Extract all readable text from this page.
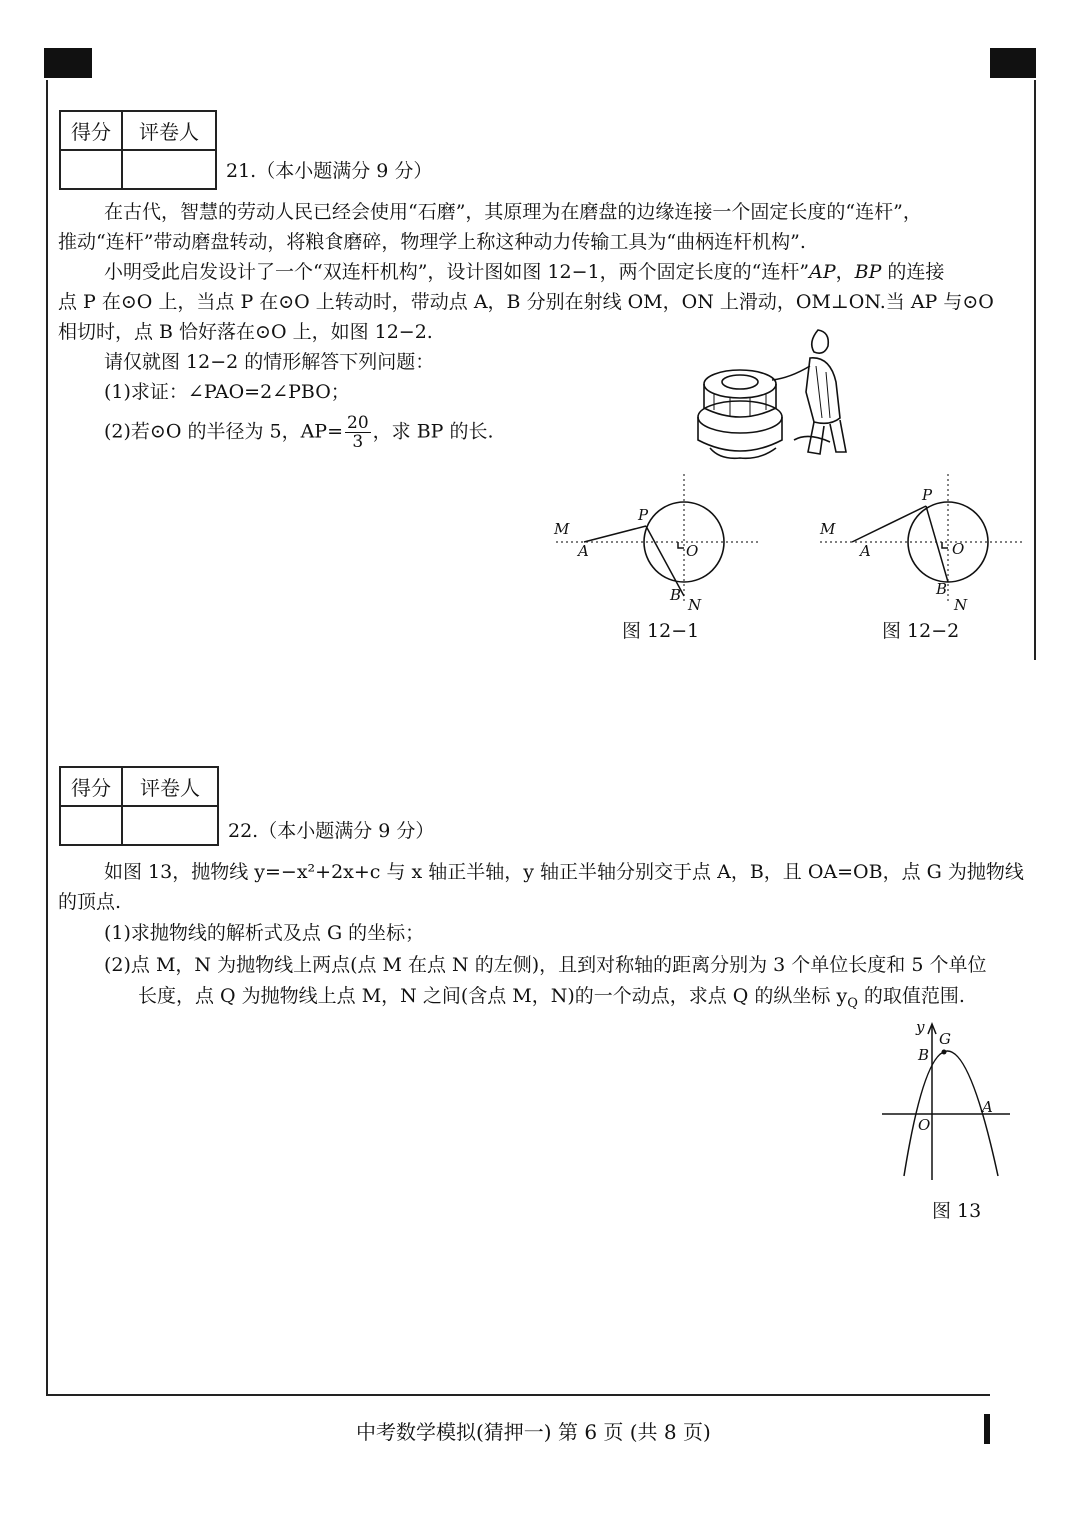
得分	评卷人

21.（本小题满分 9 分）
在古代，智慧的劳动人民已经会使用“石磨”，其原理为在磨盘的边缘连接一个固定长度的“连杆”，
推动“连杆”带动磨盘转动，将粮食磨碎，物理学上称这种动力传输工具为“曲柄连杆机构”.
小明受此启发设计了一个“双连杆机构”，设计图如图 12−1，两个固定长度的“连杆”AP，BP 的连接
点 P 在⊙O 上，当点 P 在⊙O 上转动时，带动点 A，B 分别在射线 OM，ON 上滑动，OM⊥ON.当 AP 与⊙O
相切时，点 B 恰好落在⊙O 上，如图 12−2.
请仅就图 12−2 的情形解答下列问题：
(1)求证：∠PAO=2∠PBO；
(2)若⊙O 的半径为 5，$AP= \frac{20}{3}$ ，求 BP 的长.
M
A
P
O
B
N
图 12−1
M
A
P
O
B
N
图 12−2
得分	评卷人

22.（本小题满分 9 分）
如图 13，抛物线 y=−x²+2x+c 与 x 轴正半轴，y 轴正半轴分别交于点 A，B，且 OA=OB，点 G 为抛物线
的顶点.
(1)求抛物线的解析式及点 G 的坐标；
(2)点 M，N 为抛物线上两点(点 M 在点 N 的左侧)，且到对称轴的距离分别为 3 个单位长度和 5 个单位
长度，点 Q 为抛物线上点 M，N 之间(含点 M，N)的一个动点，求点 Q 的纵坐标 $y_Q$ 的取值范围.
y
G
B
A
O
图 13
中考数学模拟(猜押一) 第 6 页 (共 8 页)
